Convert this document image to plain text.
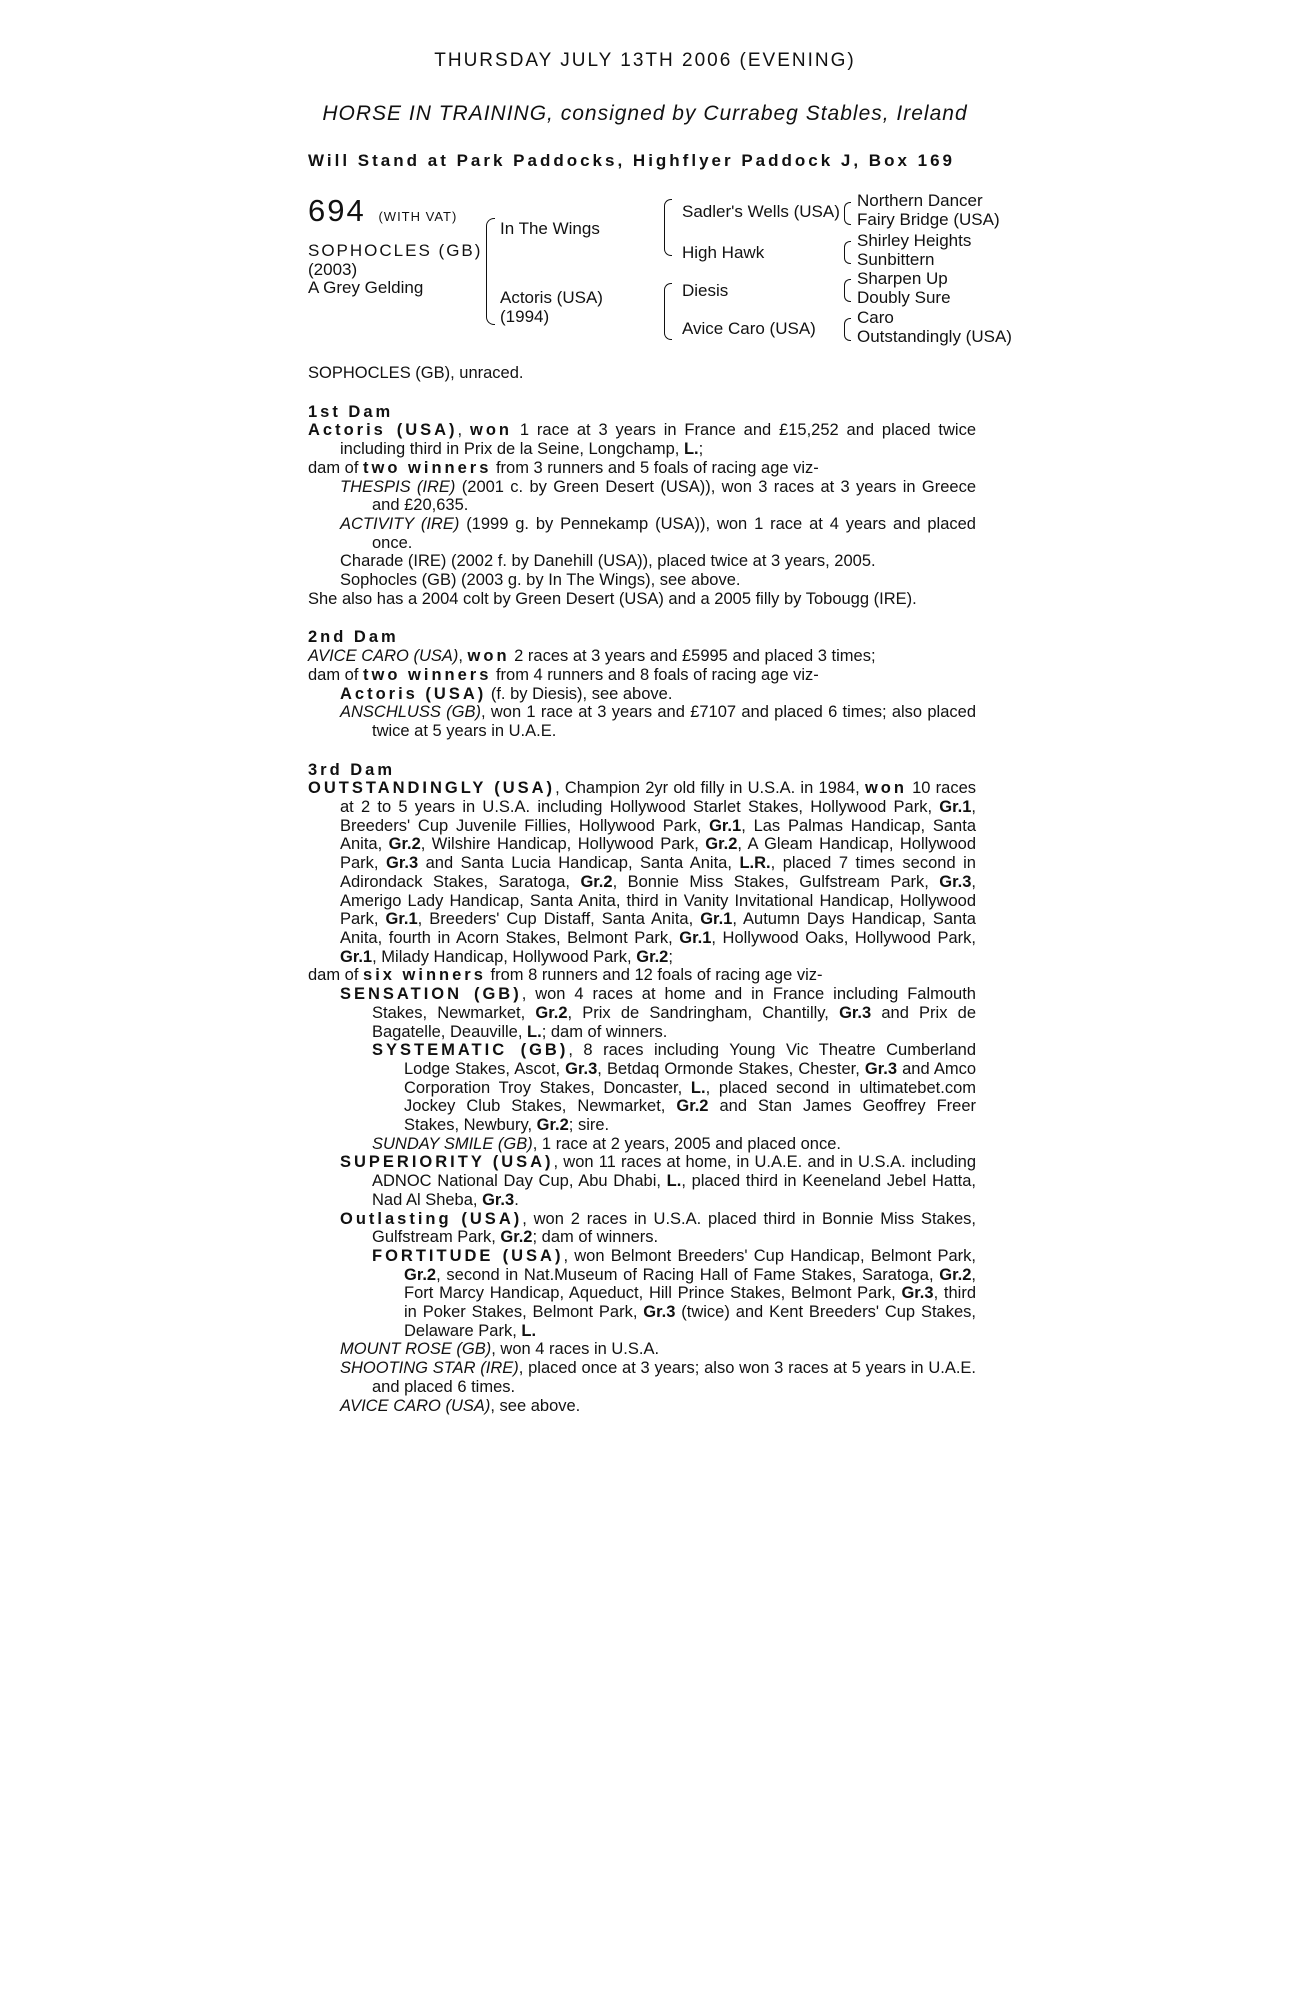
THURSDAY JULY 13TH 2006 (EVENING)
HORSE IN TRAINING, consigned by Currabeg Stables, Ireland
Will Stand at Park Paddocks, Highflyer Paddock J, Box 169
694 (WITH VAT)
SOPHOCLES (GB)
(2003)
A Grey Gelding
In The Wings
Actoris (USA)
(1994)
Sadler's Wells (USA)
High Hawk
Diesis
Avice Caro (USA)
Northern Dancer
Fairy Bridge (USA)
Shirley Heights
Sunbittern
Sharpen Up
Doubly Sure
Caro
Outstandingly (USA)

SOPHOCLES (GB), unraced.

1st Dam

Actoris (USA), won 1 race at 3 years in France and £15,252 and placed twice including third in Prix de la Seine, Longchamp, L.;

dam of two winners from 3 runners and 5 foals of racing age viz-

THESPIS (IRE) (2001 c. by Green Desert (USA)), won 3 races at 3 years in Greece and £20,635.

ACTIVITY (IRE) (1999 g. by Pennekamp (USA)), won 1 race at 4 years and placed once.

Charade (IRE) (2002 f. by Danehill (USA)), placed twice at 3 years, 2005.

Sophocles (GB) (2003 g. by In The Wings), see above.

She also has a 2004 colt by Green Desert (USA) and a 2005 filly by Tobougg (IRE).

2nd Dam

AVICE CARO (USA), won 2 races at 3 years and £5995 and placed 3 times;

dam of two winners from 4 runners and 8 foals of racing age viz-

Actoris (USA) (f. by Diesis), see above.

ANSCHLUSS (GB), won 1 race at 3 years and £7107 and placed 6 times; also placed twice at 5 years in U.A.E.

3rd Dam

OUTSTANDINGLY (USA), Champion 2yr old filly in U.S.A. in 1984, won 10 races at 2 to 5 years in U.S.A. including Hollywood Starlet Stakes, Hollywood Park, Gr.1, Breeders' Cup Juvenile Fillies, Hollywood Park, Gr.1, Las Palmas Handicap, Santa Anita, Gr.2, Wilshire Handicap, Hollywood Park, Gr.2, A Gleam Handicap, Hollywood Park, Gr.3 and Santa Lucia Handicap, Santa Anita, L.R., placed 7 times second in Adirondack Stakes, Saratoga, Gr.2, Bonnie Miss Stakes, Gulfstream Park, Gr.3, Amerigo Lady Handicap, Santa Anita, third in Vanity Invitational Handicap, Hollywood Park, Gr.1, Breeders' Cup Distaff, Santa Anita, Gr.1, Autumn Days Handicap, Santa Anita, fourth in Acorn Stakes, Belmont Park, Gr.1, Hollywood Oaks, Hollywood Park, Gr.1, Milady Handicap, Hollywood Park, Gr.2;

dam of six winners from 8 runners and 12 foals of racing age viz-

SENSATION (GB), won 4 races at home and in France including Falmouth Stakes, Newmarket, Gr.2, Prix de Sandringham, Chantilly, Gr.3 and Prix de Bagatelle, Deauville, L.; dam of winners.

SYSTEMATIC (GB), 8 races including Young Vic Theatre Cumberland Lodge Stakes, Ascot, Gr.3, Betdaq Ormonde Stakes, Chester, Gr.3 and Amco Corporation Troy Stakes, Doncaster, L., placed second in ultimatebet.com Jockey Club Stakes, Newmarket, Gr.2 and Stan James Geoffrey Freer Stakes, Newbury, Gr.2; sire.

SUNDAY SMILE (GB), 1 race at 2 years, 2005 and placed once.

SUPERIORITY (USA), won 11 races at home, in U.A.E. and in U.S.A. including ADNOC National Day Cup, Abu Dhabi, L., placed third in Keeneland Jebel Hatta, Nad Al Sheba, Gr.3.

Outlasting (USA), won 2 races in U.S.A. placed third in Bonnie Miss Stakes, Gulfstream Park, Gr.2; dam of winners.

FORTITUDE (USA), won Belmont Breeders' Cup Handicap, Belmont Park, Gr.2, second in Nat.Museum of Racing Hall of Fame Stakes, Saratoga, Gr.2, Fort Marcy Handicap, Aqueduct, Hill Prince Stakes, Belmont Park, Gr.3, third in Poker Stakes, Belmont Park, Gr.3 (twice) and Kent Breeders' Cup Stakes, Delaware Park, L.

MOUNT ROSE (GB), won 4 races in U.S.A.

SHOOTING STAR (IRE), placed once at 3 years; also won 3 races at 5 years in U.A.E. and placed 6 times.

AVICE CARO (USA), see above.
